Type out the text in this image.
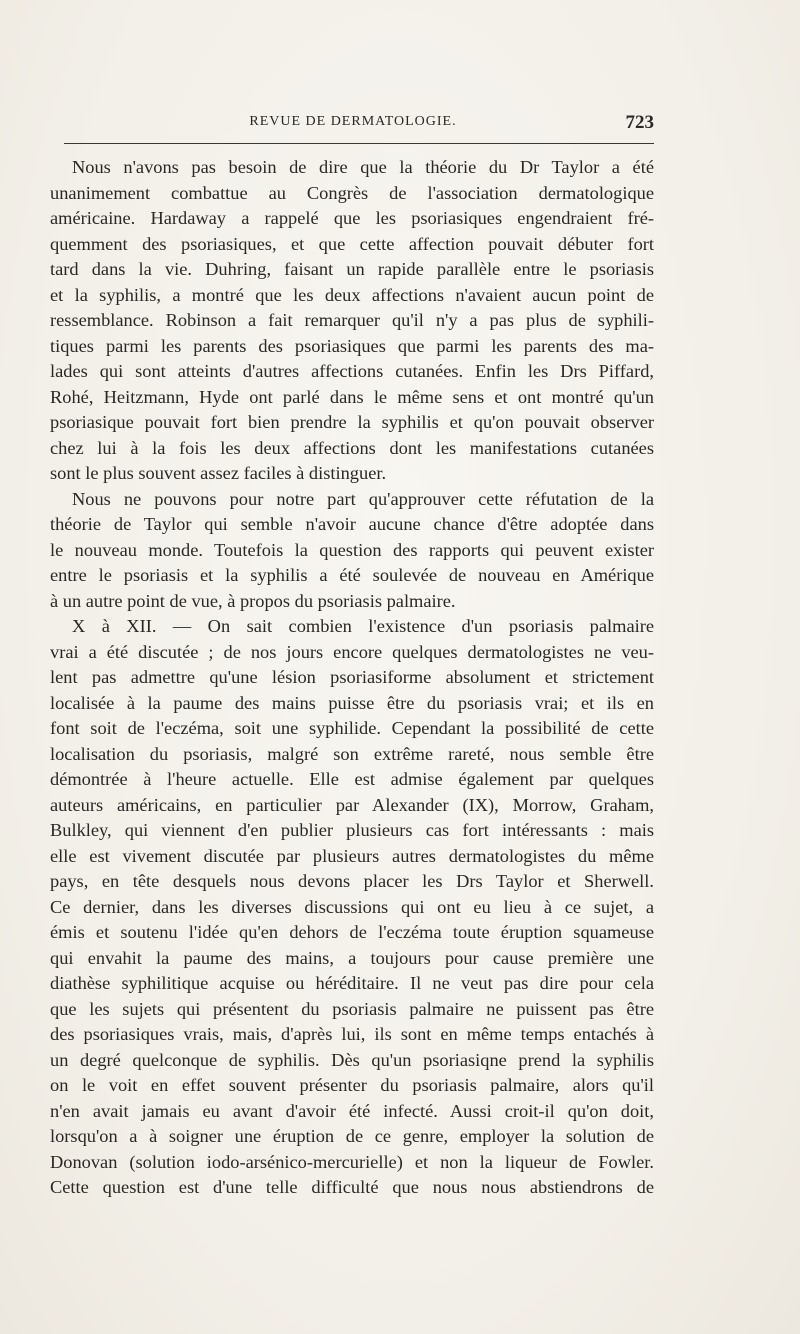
REVUE DE DERMATOLOGIE.	723
Nous n'avons pas besoin de dire que la théorie du Dr Taylor a été
unanimement combattue au Congrès de l'association dermatologique
américaine. Hardaway a rappelé que les psoriasiques engendraient fré-
quemment des psoriasiques, et que cette affection pouvait débuter fort
tard dans la vie. Duhring, faisant un rapide parallèle entre le psoriasis
et la syphilis, a montré que les deux affections n'avaient aucun point de
ressemblance. Robinson a fait remarquer qu'il n'y a pas plus de syphili-
tiques parmi les parents des psoriasiques que parmi les parents des ma-
lades qui sont atteints d'autres affections cutanées. Enfin les Drs Piffard,
Rohé, Heitzmann, Hyde ont parlé dans le même sens et ont montré qu'un
psoriasique pouvait fort bien prendre la syphilis et qu'on pouvait observer
chez lui à la fois les deux affections dont les manifestations cutanées
sont le plus souvent assez faciles à distinguer.
Nous ne pouvons pour notre part qu'approuver cette réfutation de la
théorie de Taylor qui semble n'avoir aucune chance d'être adoptée dans
le nouveau monde. Toutefois la question des rapports qui peuvent exister
entre le psoriasis et la syphilis a été soulevée de nouveau en Amérique
à un autre point de vue, à propos du psoriasis palmaire.
X à XII. — On sait combien l'existence d'un psoriasis palmaire
vrai a été discutée ; de nos jours encore quelques dermatologistes ne veu-
lent pas admettre qu'une lésion psoriasiforme absolument et strictement
localisée à la paume des mains puisse être du psoriasis vrai; et ils en
font soit de l'eczéma, soit une syphilide. Cependant la possibilité de cette
localisation du psoriasis, malgré son extrême rareté, nous semble être
démontrée à l'heure actuelle. Elle est admise également par quelques
auteurs américains, en particulier par Alexander (IX), Morrow, Graham,
Bulkley, qui viennent d'en publier plusieurs cas fort intéressants : mais
elle est vivement discutée par plusieurs autres dermatologistes du même
pays, en tête desquels nous devons placer les Drs Taylor et Sherwell.
Ce dernier, dans les diverses discussions qui ont eu lieu à ce sujet, a
émis et soutenu l'idée qu'en dehors de l'eczéma toute éruption squameuse
qui envahit la paume des mains, a toujours pour cause première une
diathèse syphilitique acquise ou héréditaire. Il ne veut pas dire pour cela
que les sujets qui présentent du psoriasis palmaire ne puissent pas être
des psoriasiques vrais, mais, d'après lui, ils sont en même temps entachés à
un degré quelconque de syphilis. Dès qu'un psoriasiqne prend la syphilis
on le voit en effet souvent présenter du psoriasis palmaire, alors qu'il
n'en avait jamais eu avant d'avoir été infecté. Aussi croit-il qu'on doit,
lorsqu'on a à soigner une éruption de ce genre, employer la solution de
Donovan (solution iodo-arsénico-mercurielle) et non la liqueur de Fowler.
Cette question est d'une telle difficulté que nous nous abstiendrons de
